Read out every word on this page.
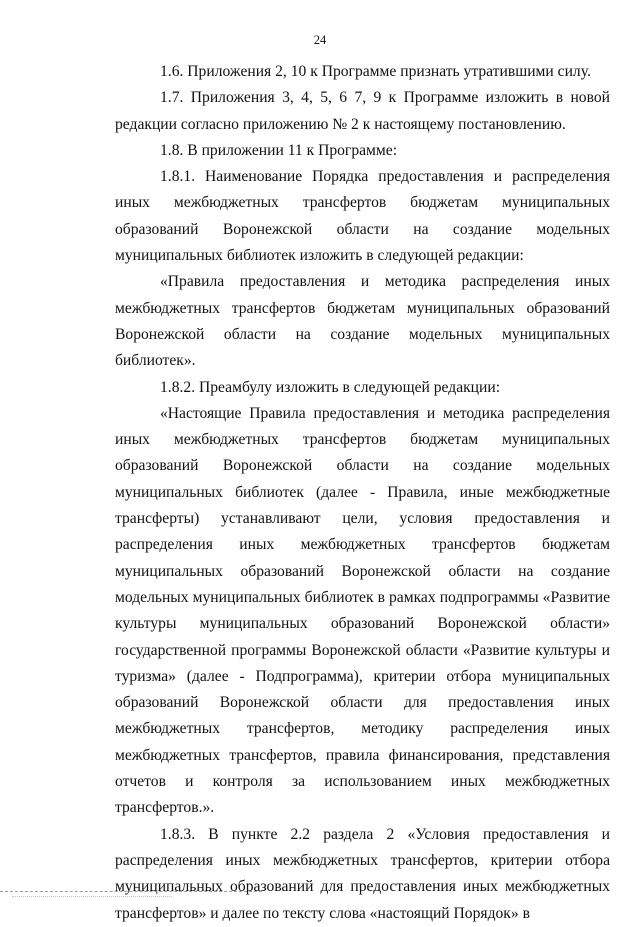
24

1.6. Приложения 2, 10 к Программе признать утратившими силу.

1.7. Приложения 3, 4, 5, 6 7, 9 к Программе изложить в новой редакции согласно приложению № 2 к настоящему постановлению.

1.8. В приложении 11 к Программе:

1.8.1. Наименование Порядка предоставления и распределения иных межбюджетных трансфертов бюджетам муниципальных образований Воронежской области на создание модельных муниципальных библиотек изложить в следующей редакции:

«Правила предоставления и методика распределения иных межбюджетных трансфертов бюджетам муниципальных образований Воронежской области на создание модельных муниципальных библиотек».

1.8.2. Преамбулу изложить в следующей редакции:

«Настоящие Правила предоставления и методика распределения иных межбюджетных трансфертов бюджетам муниципальных образований Воронежской области на создание модельных муниципальных библиотек (далее - Правила, иные межбюджетные трансферты) устанавливают цели, условия предоставления и распределения иных межбюджетных трансфертов бюджетам муниципальных образований Воронежской области на создание модельных муниципальных библиотек в рамках подпрограммы «Развитие культуры муниципальных образований Воронежской области» государственной программы Воронежской области «Развитие культуры и туризма» (далее - Подпрограмма), критерии отбора муниципальных образований Воронежской области для предоставления иных межбюджетных трансфертов, методику распределения иных межбюджетных трансфертов, правила финансирования, представления отчетов и контроля за использованием иных межбюджетных трансфертов.».

1.8.3. В пункте 2.2 раздела 2 «Условия предоставления и распределения иных межбюджетных трансфертов, критерии отбора муниципальных образований для предоставления иных межбюджетных трансфертов» и далее по тексту слова «настоящий Порядок» в
